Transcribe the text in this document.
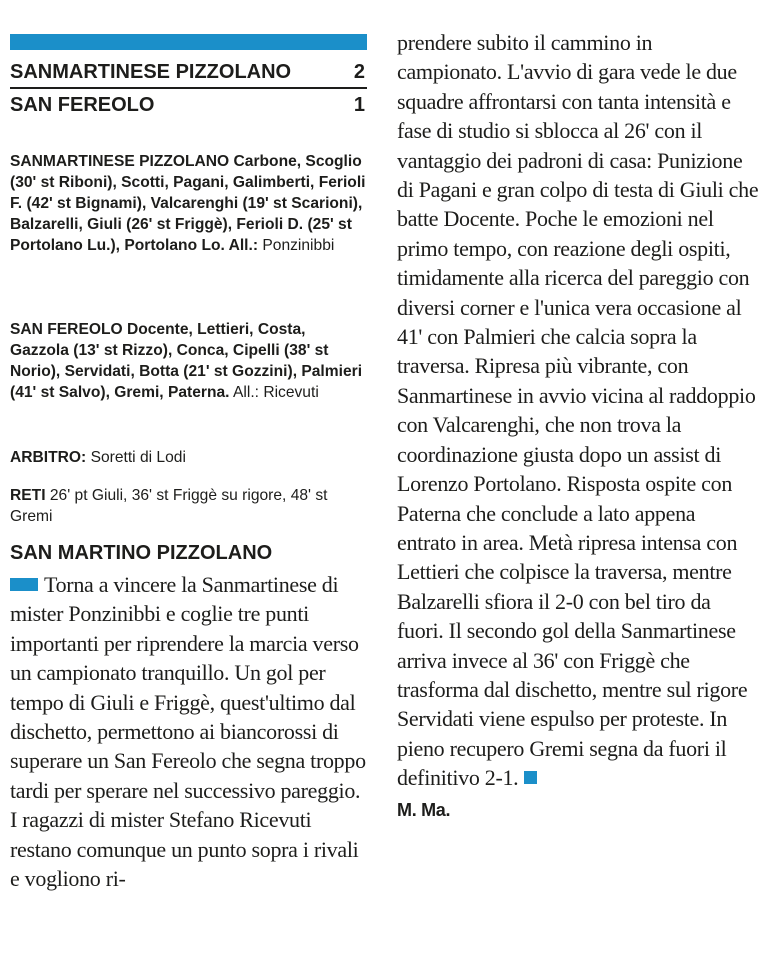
SANMARTINESE PIZZOLANO	2
SAN FEREOLO	1
SANMARTINESE PIZZOLANO Carbone, Scoglio (30' st Riboni), Scotti, Pagani, Galimberti, Ferioli F. (42' st Bignami), Valcarenghi (19' st Scarioni), Balzarelli, Giuli (26' st Friggè), Ferioli D. (25' st Portolano Lu.), Portolano Lo. All.: Ponzinibbi
SAN FEREOLO Docente, Lettieri, Costa, Gazzola (13' st Rizzo), Conca, Cipelli (38' st Norio), Servidati, Botta (21' st Gozzini), Palmieri (41' st Salvo), Gremi, Paterna. All.: Ricevuti
ARBITRO: Soretti di Lodi
RETI 26' pt Giuli, 36' st Friggè su rigore, 48' st Gremi
SAN MARTINO PIZZOLANO

Torna a vincere la Sanmartinese di mister Ponzinibbi e coglie tre punti importanti per riprendere la marcia verso un campionato tranquillo. Un gol per tempo di Giuli e Friggè, quest'ultimo dal dischetto, permettono ai biancorossi di superare un San Fereolo che segna troppo tardi per sperare nel successivo pareggio. I ragazzi di mister Stefano Ricevuti restano comunque un punto sopra i rivali e vogliono ri-

prendere subito il cammino in campionato. L'avvio di gara vede le due squadre affrontarsi con tanta intensità e fase di studio si sblocca al 26' con il vantaggio dei padroni di casa: Punizione di Pagani e gran colpo di testa di Giuli che batte Docente. Poche le emozioni nel primo tempo, con reazione degli ospiti, timidamente alla ricerca del pareggio con diversi corner e l'unica vera occasione al 41' con Palmieri che calcia sopra la traversa. Ripresa più vibrante, con Sanmartinese in avvio vicina al raddoppio con Valcarenghi, che non trova la coordinazione giusta dopo un assist di Lorenzo Portolano. Risposta ospite con Paterna che conclude a lato appena entrato in area. Metà ripresa intensa con Lettieri che colpisce la traversa, mentre Balzarelli sfiora il 2-0 con bel tiro da fuori. Il secondo gol della Sanmartinese arriva invece al 36' con Friggè che trasforma dal dischetto, mentre sul rigore Servidati viene espulso per proteste. In pieno recupero Gremi segna da fuori il definitivo 2-1.

M. Ma.
